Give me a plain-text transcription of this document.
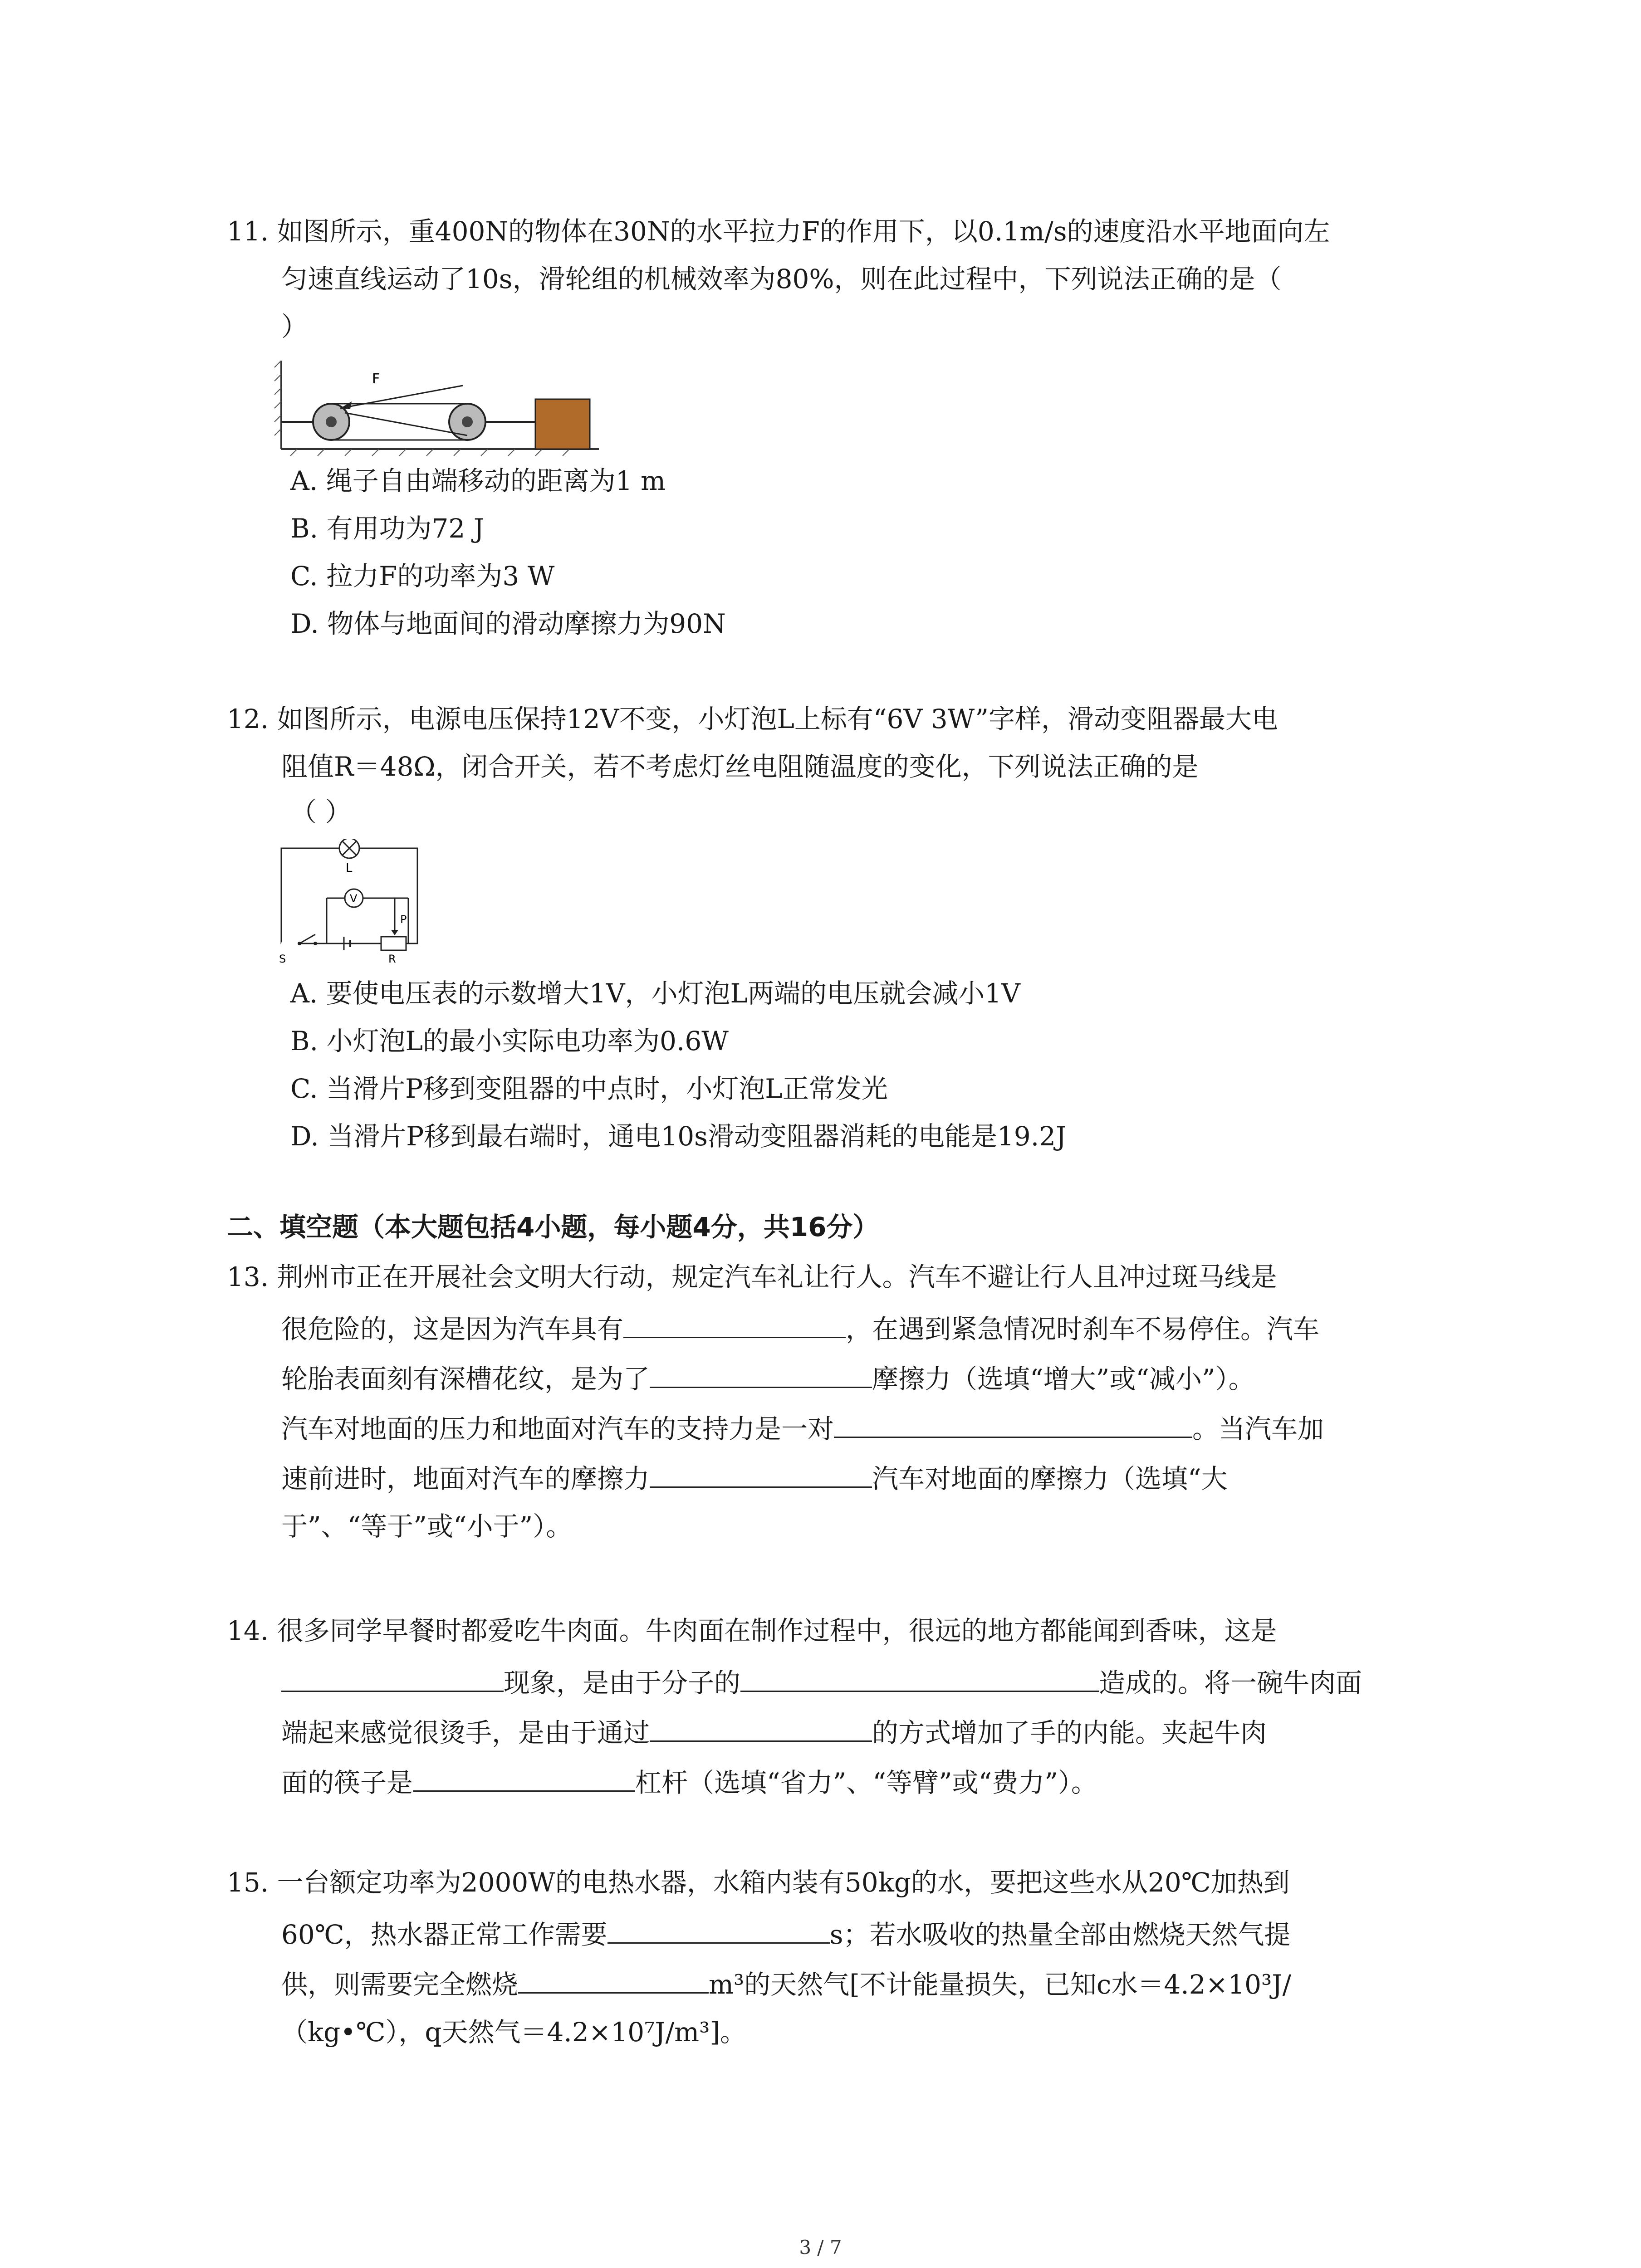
11. 如图所示，重400N的物体在30N的水平拉力F的作用下，以0.1m/s的速度沿水平地面向左
匀速直线运动了10s，滑轮组的机械效率为80%，则在此过程中，下列说法正确的是（
）
F
A. 绳子自由端移动的距离为1 m
B. 有用功为72 J
C. 拉力F的功率为3 W
D. 物体与地面间的滑动摩擦力为90N
12. 如图所示，电源电压保持12V不变，小灯泡L上标有“6V 3W”字样，滑动变阻器最大电
阻值R＝48Ω，闭合开关，若不考虑灯丝电阻随温度的变化，下列说法正确的是
（ ）
L
V
P
S	R
A. 要使电压表的示数增大1V，小灯泡L两端的电压就会减小1V
B. 小灯泡L的最小实际电功率为0.6W
C. 当滑片P移到变阻器的中点时，小灯泡L正常发光
D. 当滑片P移到最右端时，通电10s滑动变阻器消耗的电能是19.2J
二、填空题（本大题包括4小题，每小题4分，共16分）
13. 荆州市正在开展社会文明大行动，规定汽车礼让行人。汽车不避让行人且冲过斑马线是
很危险的，这是因为汽车具有	，在遇到紧急情况时刹车不易停住。汽车
轮胎表面刻有深槽花纹，是为了	摩擦力（选填“增大”或“减小”）。
汽车对地面的压力和地面对汽车的支持力是一对	。当汽车加
速前进时，地面对汽车的摩擦力	汽车对地面的摩擦力（选填“大
于”、“等于”或“小于”）。
14. 很多同学早餐时都爱吃牛肉面。牛肉面在制作过程中，很远的地方都能闻到香味，这是
现象，是由于分子的	造成的。将一碗牛肉面
端起来感觉很烫手，是由于通过	的方式增加了手的内能。夹起牛肉
面的筷子是	杠杆（选填“省力”、“等臂”或“费力”）。
15. 一台额定功率为2000W的电热水器，水箱内装有50kg的水，要把这些水从20℃加热到
60℃，热水器正常工作需要	s；若水吸收的热量全部由燃烧天然气提
供，则需要完全燃烧	m³的天然气[不计能量损失，已知c水＝4.2×10³J/
（kg•℃），q天然气＝4.2×10⁷J/m³]。
3 / 7
